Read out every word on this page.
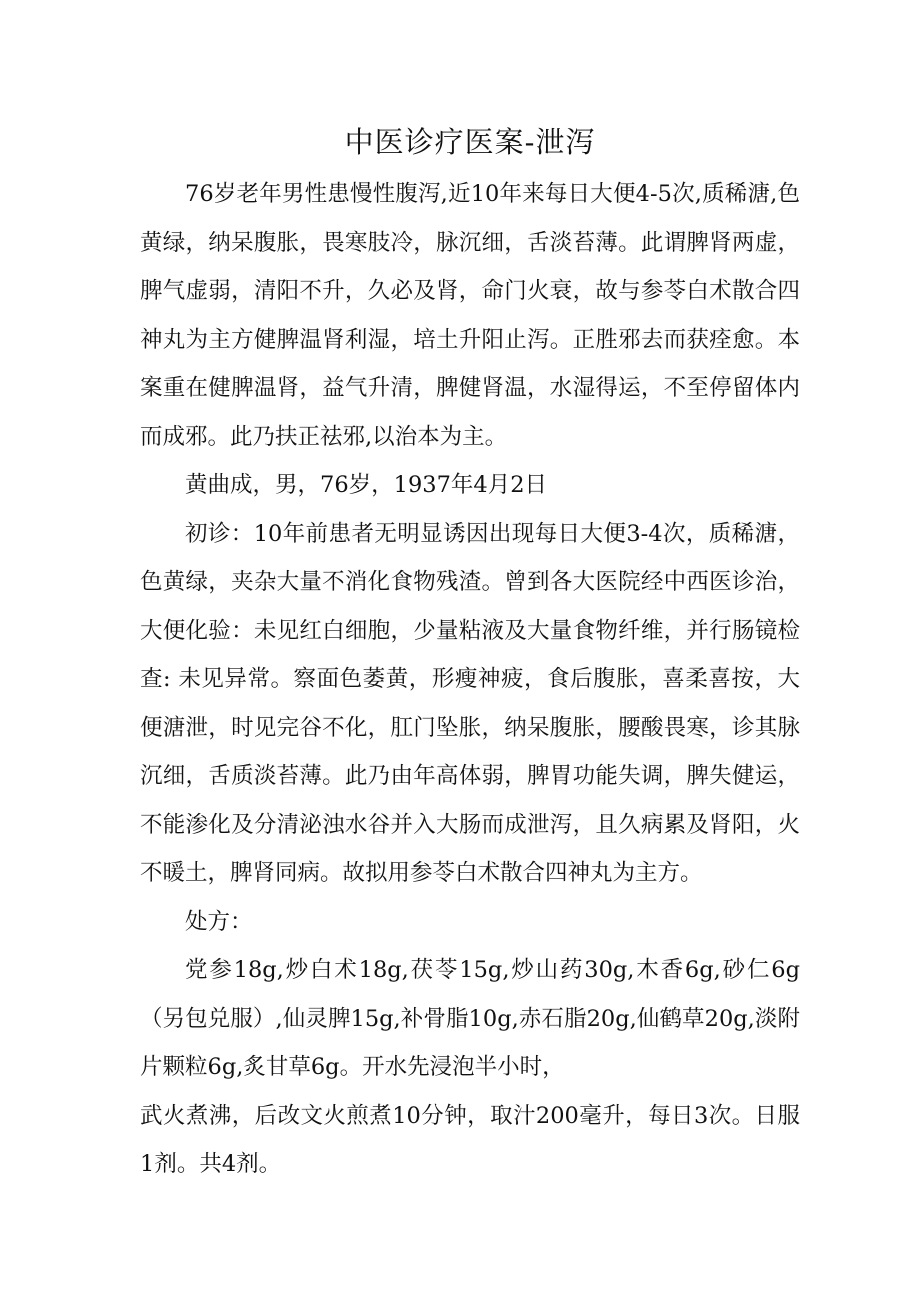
中医诊疗医案-泄泻

76岁老年男性患慢性腹泻,近10年来每日大便4-5次,质稀溏,色黄绿，纳呆腹胀，畏寒肢冷，脉沉细，舌淡苔薄。此谓脾肾两虚，脾气虚弱，清阳不升，久必及肾，命门火衰，故与参苓白术散合四神丸为主方健脾温肾利湿，培土升阳止泻。正胜邪去而获痊愈。本案重在健脾温肾，益气升清，脾健肾温，水湿得运，不至停留体内而成邪。此乃扶正祛邪,以治本为主。

黄曲成，男，76岁，1937年4月2日

初诊：10年前患者无明显诱因出现每日大便3-4次，质稀溏，色黄绿，夹杂大量不消化食物残渣。曾到各大医院经中西医诊治，大便化验：未见红白细胞，少量粘液及大量食物纤维，并行肠镜检查: 未见异常。察面色萎黄，形瘦神疲，食后腹胀，喜柔喜按，大便溏泄，时见完谷不化，肛门坠胀，纳呆腹胀，腰酸畏寒，诊其脉沉细，舌质淡苔薄。此乃由年高体弱，脾胃功能失调，脾失健运，不能渗化及分清泌浊水谷并入大肠而成泄泻，且久病累及肾阳，火不暖土，脾肾同病。故拟用参苓白术散合四神丸为主方。

处方：

党参18g,炒白术18g,茯苓15g,炒山药30g,木香6g,砂仁6g（另包兑服）,仙灵脾15g,补骨脂10g,赤石脂20g,仙鹤草20g,淡附片颗粒6g,炙甘草6g。开水先浸泡半小时，

武火煮沸，后改文火煎煮10分钟，取汁200毫升，每日3次。日服1剂。共4剂。
